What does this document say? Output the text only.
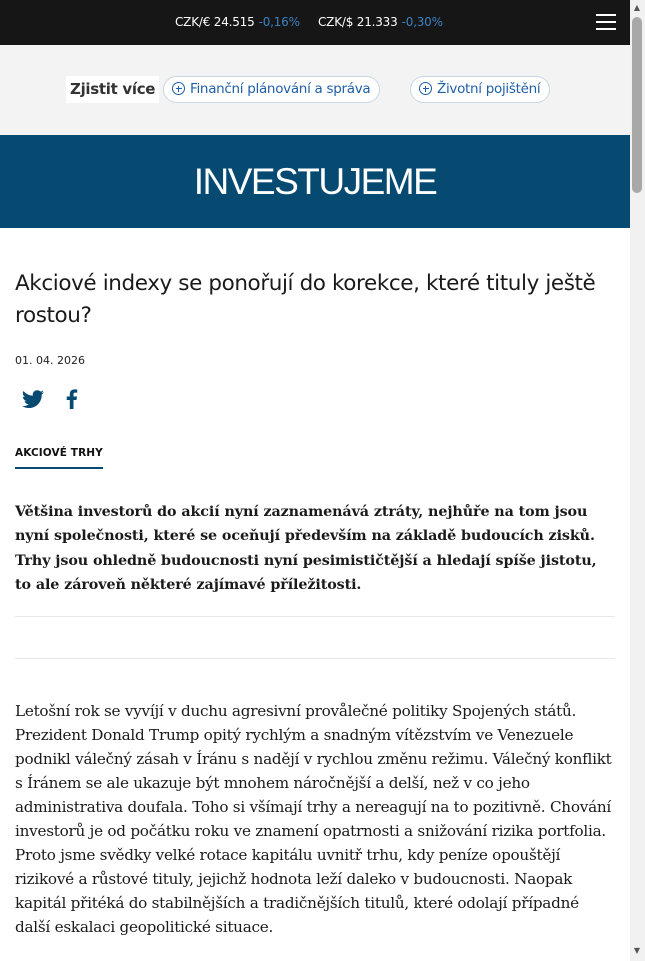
CZK/€ 24.515 -0,16% CZK/$ 21.333 -0,30%
Zjistit více	Finanční plánování a správa	Životní pojištění
INVESTUJEME
Akciové indexy se ponořují do korekce, které tituly ještě rostou?
01. 04. 2026
AKCIOVÉ TRHY

Většina investorů do akcií nyní zaznamenává ztráty, nejhůře na tom jsou nyní společnosti, které se oceňují především na základě budoucích zisků. Trhy jsou ohledně budoucnosti nyní pesimističtější a hledají spíše jistotu, to ale zároveň některé zajímavé příležitosti.

Letošní rok se vyvíjí v duchu agresivní provålečné politiky Spojených států. Prezident Donald Trump opitý rychlým a snadným vítězstvím ve Venezuele podnikl válečný zásah v Íránu s nadějí v rychlou změnu režimu. Válečný konflikt s Íránem se ale ukazuje být mnohem náročnější a delší, než v co jeho administrativa doufala. Toho si všímají trhy a nereagují na to pozitivně. Chování investorů je od počátku roku ve znamení opatrnosti a snižování rizika portfolia. Proto jsme svědky velké rotace kapitálu uvnitř trhu, kdy peníze opouštějí rizikové a růstové tituly, jejichž hodnota leží daleko v budoucnosti. Naopak kapitál přitéká do stabilnějších a tradičnějších titulů, které odolají případné další eskalaci geopolitické situace.

▲
▼
